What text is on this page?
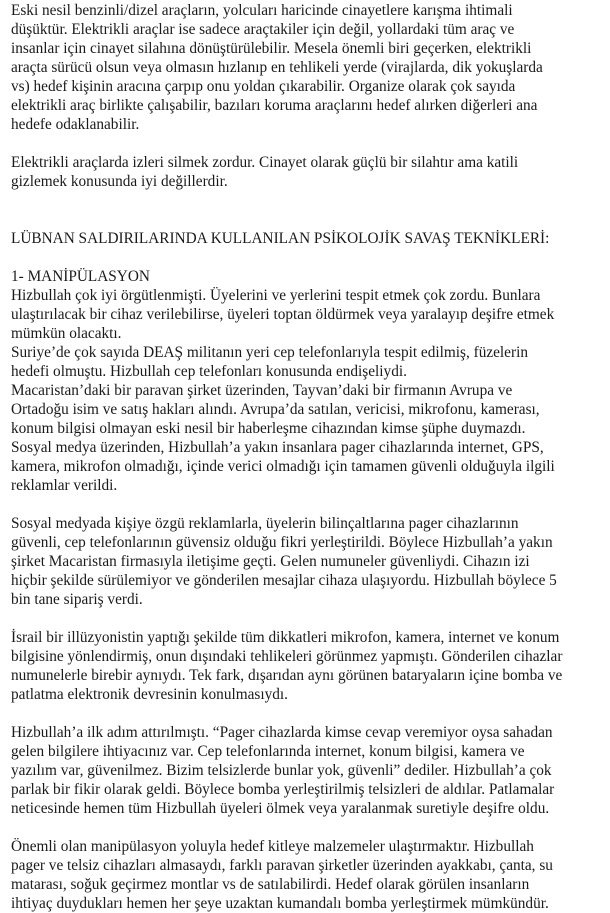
Eski nesil benzinli/dizel araçların, yolcuları haricinde cinayetlere karışma ihtimali
düşüktür. Elektrikli araçlar ise sadece araçtakiler için değil, yollardaki tüm araç ve
insanlar için cinayet silahına dönüştürülebilir. Mesela önemli biri geçerken, elektrikli
araçta sürücü olsun veya olmasın hızlanıp en tehlikeli yerde (virajlarda, dik yokuşlarda
vs) hedef kişinin aracına çarpıp onu yoldan çıkarabilir. Organize olarak çok sayıda
elektrikli araç birlikte çalışabilir, bazıları koruma araçlarını hedef alırken diğerleri ana
hedefe odaklanabilir.

Elektrikli araçlarda izleri silmek zordur. Cinayet olarak güçlü bir silahtır ama katili
gizlemek konusunda iyi değillerdir.

LÜBNAN SALDIRILARINDA KULLANILAN PSİKOLOJİK SAVAŞ TEKNİKLERİ:

1- MANİPÜLASYON

Hizbullah çok iyi örgütlenmişti. Üyelerini ve yerlerini tespit etmek çok zordu. Bunlara
ulaştırılacak bir cihaz verilebilirse, üyeleri toptan öldürmek veya yaralayıp deşifre etmek
mümkün olacaktı.
Suriye’de çok sayıda DEAŞ militanın yeri cep telefonlarıyla tespit edilmiş, füzelerin
hedefi olmuştu. Hizbullah cep telefonları konusunda endişeliydi.
Macaristan’daki bir paravan şirket üzerinden, Tayvan’daki bir firmanın Avrupa ve
Ortadoğu isim ve satış hakları alındı. Avrupa’da satılan, vericisi, mikrofonu, kamerası,
konum bilgisi olmayan eski nesil bir haberleşme cihazından kimse şüphe duymazdı.
Sosyal medya üzerinden, Hizbullah’a yakın insanlara pager cihazlarında internet, GPS,
kamera, mikrofon olmadığı, içinde verici olmadığı için tamamen güvenli olduğuyla ilgili
reklamlar verildi.

Sosyal medyada kişiye özgü reklamlarla, üyelerin bilinçaltlarına pager cihazlarının
güvenli, cep telefonlarının güvensiz olduğu fikri yerleştirildi. Böylece Hizbullah’a yakın
şirket Macaristan firmasıyla iletişime geçti. Gelen numuneler güvenliydi. Cihazın izi
hiçbir şekilde sürülemiyor ve gönderilen mesajlar cihaza ulaşıyordu. Hizbullah böylece 5
bin tane sipariş verdi.

İsrail bir illüzyonistin yaptığı şekilde tüm dikkatleri mikrofon, kamera, internet ve konum
bilgisine yönlendirmiş, onun dışındaki tehlikeleri görünmez yapmıştı. Gönderilen cihazlar
numunelerle birebir aynıydı. Tek fark, dışarıdan aynı görünen bataryaların içine bomba ve
patlatma elektronik devresinin konulmasıydı.

Hizbullah’a ilk adım attırılmıştı. “Pager cihazlarda kimse cevap veremiyor oysa sahadan
gelen bilgilere ihtiyacınız var. Cep telefonlarında internet, konum bilgisi, kamera ve
yazılım var, güvenilmez. Bizim telsizlerde bunlar yok, güvenli” dediler. Hizbullah’a çok
parlak bir fikir olarak geldi. Böylece bomba yerleştirilmiş telsizleri de aldılar. Patlamalar
neticesinde hemen tüm Hizbullah üyeleri ölmek veya yaralanmak suretiyle deşifre oldu.

Önemli olan manipülasyon yoluyla hedef kitleye malzemeler ulaştırmaktır. Hizbullah
pager ve telsiz cihazları almasaydı, farklı paravan şirketler üzerinden ayakkabı, çanta, su
matarası, soğuk geçirmez montlar vs de satılabilirdi. Hedef olarak görülen insanların
ihtiyaç duydukları hemen her şeye uzaktan kumandalı bomba yerleştirmek mümkündür.
